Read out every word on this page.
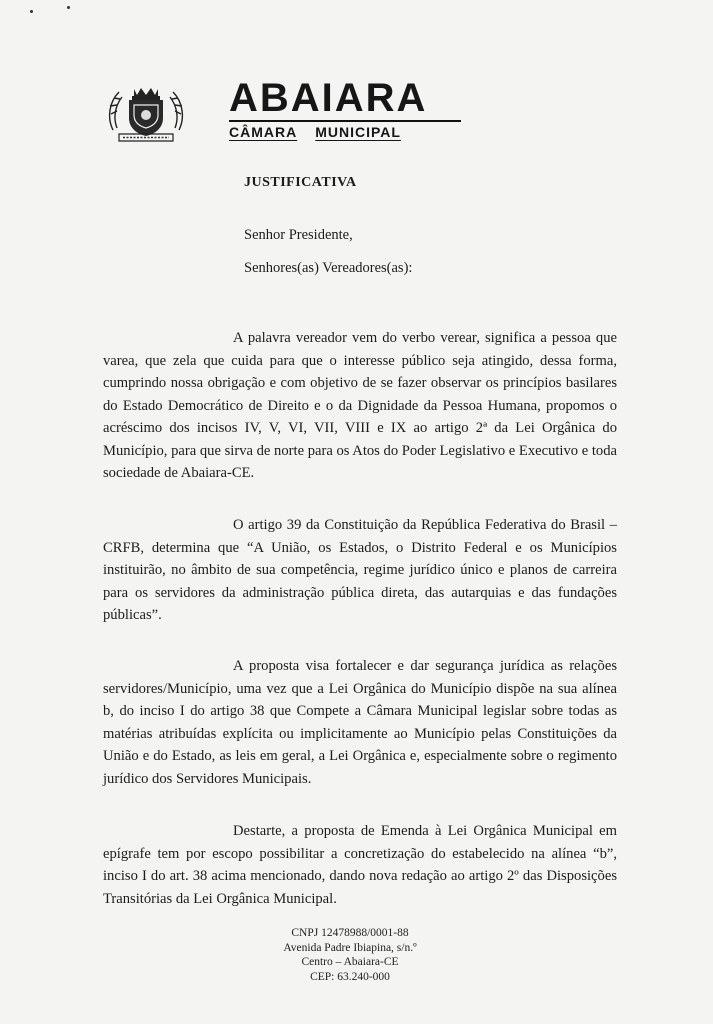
ABAIARA
CÂMARA MUNICIPAL
JUSTIFICATIVA
Senhor Presidente,
Senhores(as) Vereadores(as):
A palavra vereador vem do verbo verear, significa a pessoa que varea, que zela que cuida para que o interesse público seja atingido, dessa forma, cumprindo nossa obrigação e com objetivo de se fazer observar os princípios basilares do Estado Democrático de Direito e o da Dignidade da Pessoa Humana, propomos o acréscimo dos incisos IV, V, VI, VII, VIII e IX ao artigo 2ª da Lei Orgânica do Município, para que sirva de norte para os Atos do Poder Legislativo e Executivo e toda sociedade de Abaiara-CE.
O artigo 39 da Constituição da República Federativa do Brasil – CRFB, determina que “A União, os Estados, o Distrito Federal e os Municípios instituirão, no âmbito de sua competência, regime jurídico único e planos de carreira para os servidores da administração pública direta, das autarquias e das fundações públicas”.
A proposta visa fortalecer e dar segurança jurídica as relações servidores/Município, uma vez que a Lei Orgânica do Município dispõe na sua alínea b, do inciso I do artigo 38 que Compete a Câmara Municipal legislar sobre todas as matérias atribuídas explícita ou implicitamente ao Município pelas Constituições da União e do Estado, as leis em geral, a Lei Orgânica e, especialmente sobre o regimento jurídico dos Servidores Municipais.
Destarte, a proposta de Emenda à Lei Orgânica Municipal em epígrafe tem por escopo possibilitar a concretização do estabelecido na alínea “b”, inciso I do art. 38 acima mencionado, dando nova redação ao artigo 2º das Disposições Transitórias da Lei Orgânica Municipal.
CNPJ 12478988/0001-88
Avenida Padre Ibiapina, s/n.º
Centro – Abaiara-CE
CEP: 63.240-000
